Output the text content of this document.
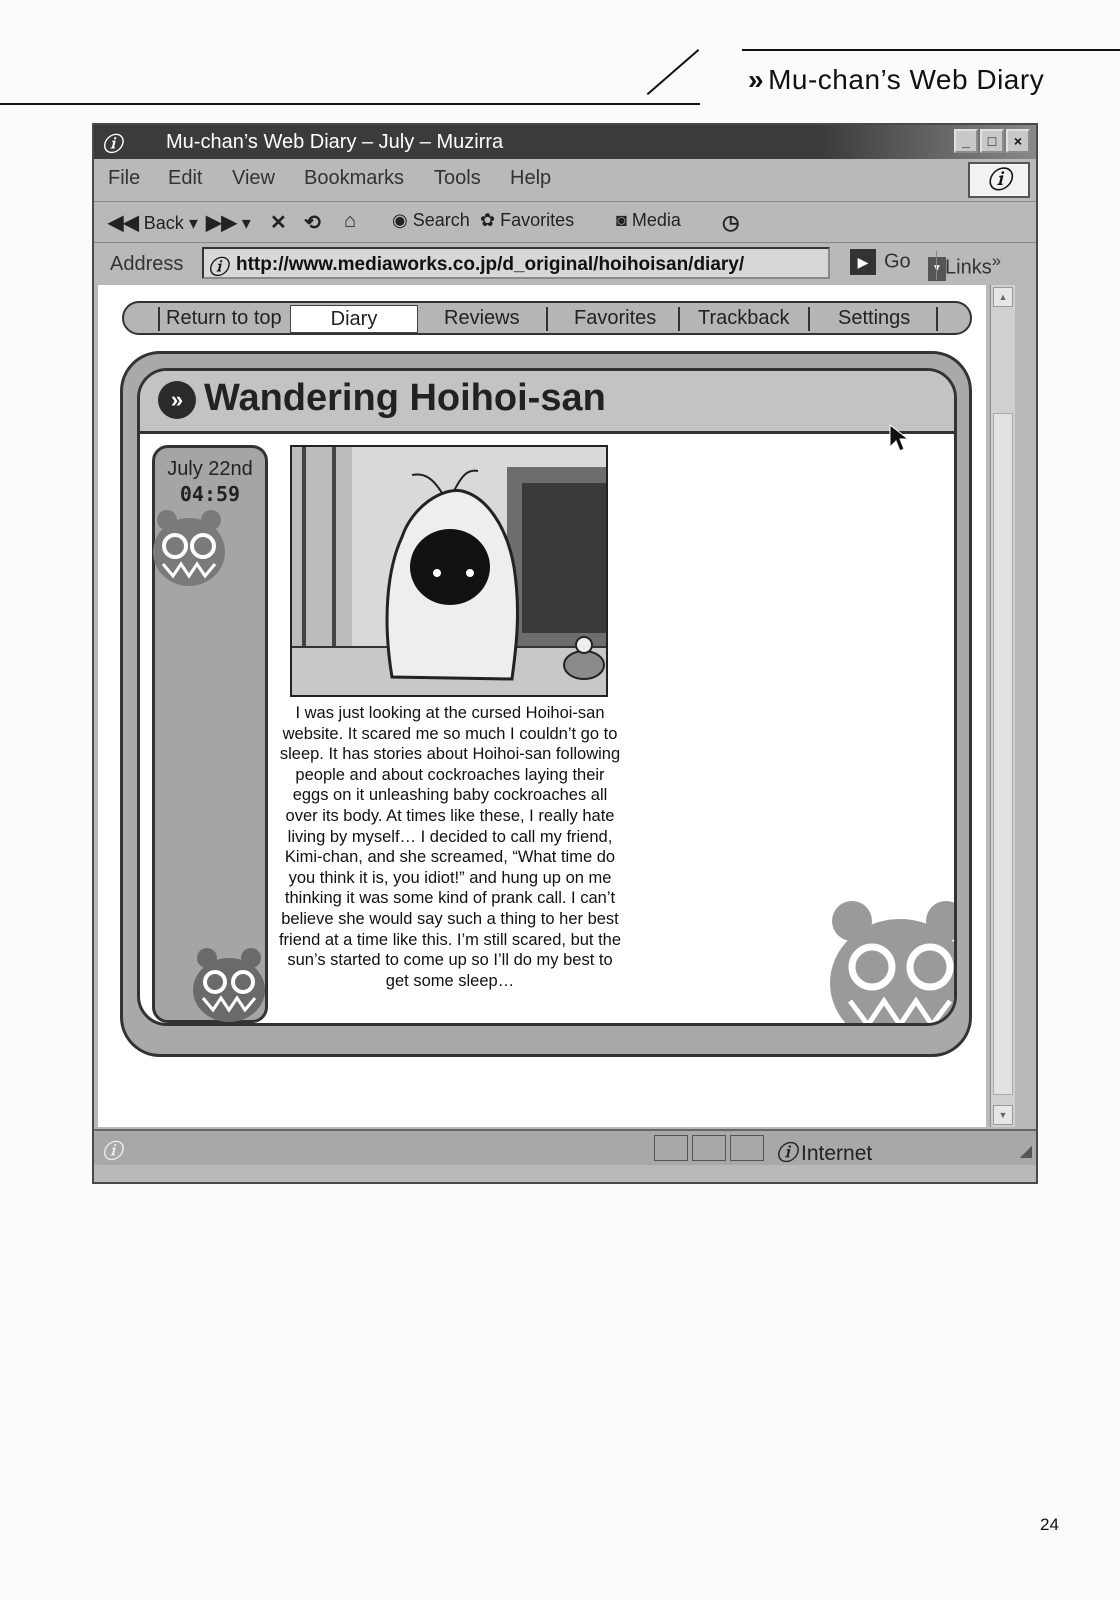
» Mu-chan’s Web Diary
ⓘ	Mu-chan’s Web Diary – July – Muzirra	_	□	×
File Edit View Bookmarks Tools Help	ⓘ
◀◀ Back ▾ ▶▶ ▾ ✕ ⟲ ⌂ ◉ Search ✿ Favorites ◙ Media ◷
Address ⓘ http://www.mediaworks.co.jp/d_original/hoihoisan/diary/	▼
▶ Go	Links»
Return to top	Diary	Reviews	Favorites Trackback Settings
» Wandering Hoihoi-san
July 22nd
04:59
I was just looking at the cursed Hoihoi-san website. It scared me so much I couldn’t go to sleep. It has stories about Hoihoi-san following people and about cockroaches laying their eggs on it unleashing baby cockroaches all over its body. At times like these, I really hate living by myself… I decided to call my friend, Kimi-chan, and she screamed, “What time do you think it is, you idiot!” and hung up on me thinking it was some kind of prank call. I can’t believe she would say such a thing to her best friend at a time like this. I’m still scared, but the sun’s started to come up so I’ll do my best to get some sleep…
▲
▼
ⓘ	ⓘ Internet	◢
24
